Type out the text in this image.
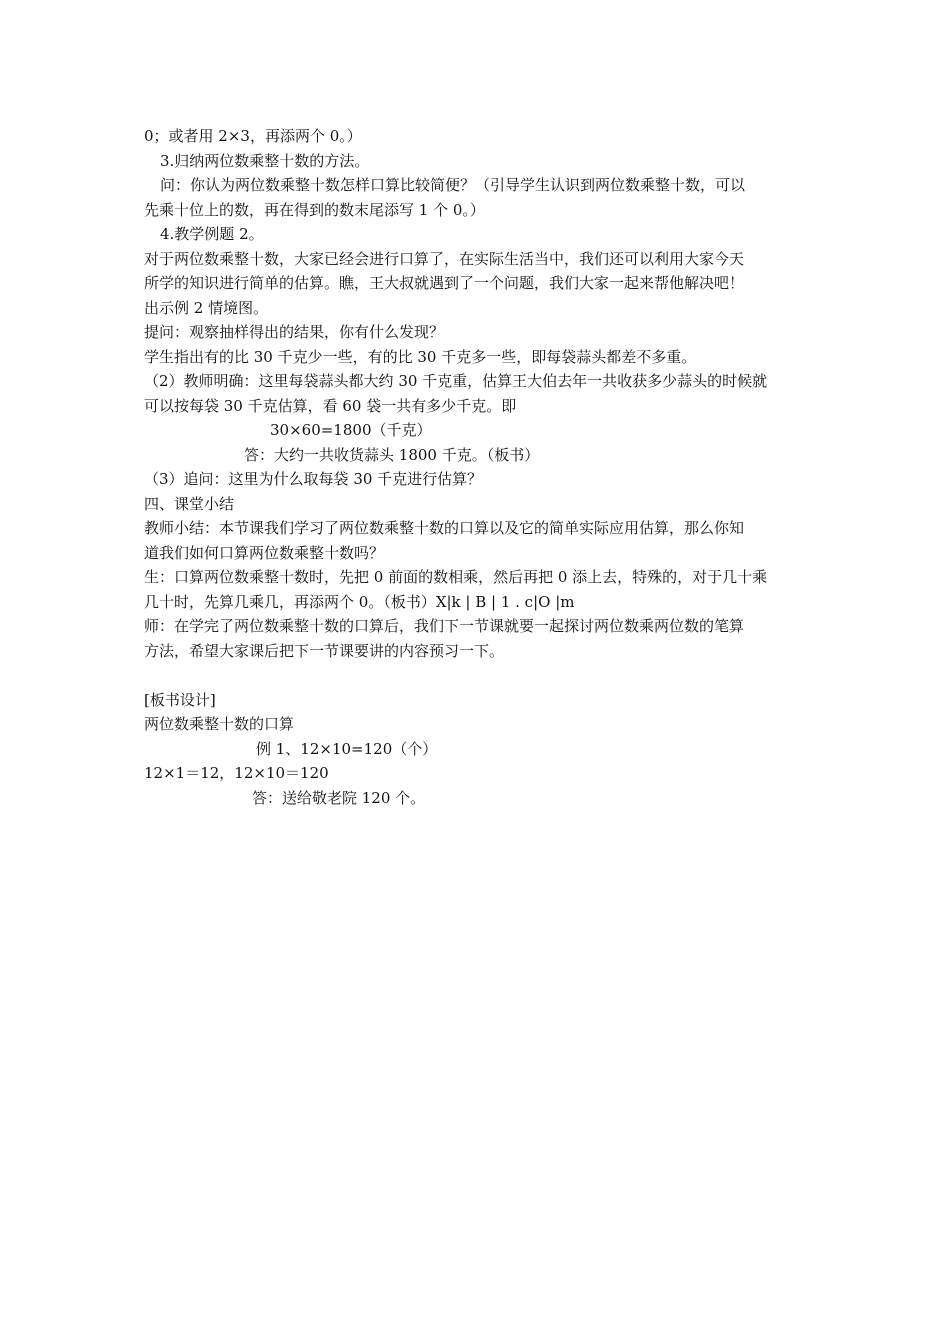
0；或者用 2×3，再添两个 0。）
3.归纳两位数乘整十数的方法。
问：你认为两位数乘整十数怎样口算比较简便？（引导学生认识到两位数乘整十数，可以
先乘十位上的数，再在得到的数末尾添写 1 个 0。）
4.教学例题 2。
对于两位数乘整十数，大家已经会进行口算了，在实际生活当中，我们还可以利用大家今天
所学的知识进行简单的估算。瞧，王大叔就遇到了一个问题，我们大家一起来帮他解决吧！
出示例 2 情境图。
提问：观察抽样得出的结果，你有什么发现？
学生指出有的比 30 千克少一些，有的比 30 千克多一些，即每袋蒜头都差不多重。
（2）教师明确：这里每袋蒜头都大约 30 千克重，估算王大伯去年一共收获多少蒜头的时候就
可以按每袋 30 千克估算，看 60 袋一共有多少千克。即
30×60=1800（千克）
答：大约一共收货蒜头 1800 千克。（板书）
（3）追问：这里为什么取每袋 30 千克进行估算？
四、课堂小结
教师小结：本节课我们学习了两位数乘整十数的口算以及它的简单实际应用估算，那么你知
道我们如何口算两位数乘整十数吗？
生：口算两位数乘整十数时，先把 0 前面的数相乘，然后再把 0 添上去，特殊的，对于几十乘
几十时，先算几乘几，再添两个 0。（板书）X|k | B | 1 . c|O |m
师：在学完了两位数乘整十数的口算后，我们下一节课就要一起探讨两位数乘两位数的笔算
方法，希望大家课后把下一节课要讲的内容预习一下。
[板书设计]
两位数乘整十数的口算
例 1、12×10=120（个）
12×1＝12，12×10＝120
答：送给敬老院 120 个。
